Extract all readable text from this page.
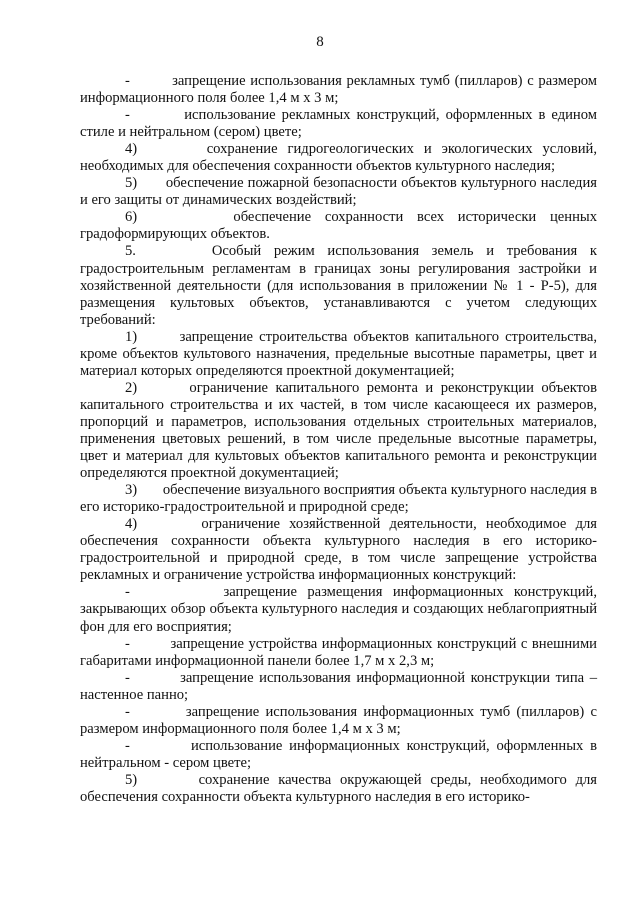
8

-         запрещение использования рекламных тумб (пилларов) с размером информационного поля более 1,4 м х 3 м;

-         использование рекламных конструкций, оформленных в едином стиле и нейтральном (сером) цвете;

4)       сохранение гидрогеологических и экологических условий, необходимых для обеспечения сохранности объектов культурного наследия;

5)       обеспечение пожарной безопасности объектов культурного наследия и его защиты от динамических воздействий;

6)       обеспечение сохранности всех исторически ценных градоформирующих объектов.

5.      Особый режим использования земель и требования к градостроительным регламентам в границах зоны регулирования застройки и хозяйственной деятельности (для использования в приложении № 1 - Р-5), для размещения культовых объектов, устанавливаются с учетом следующих требований:

1)       запрещение строительства объектов капитального строительства, кроме объектов культового назначения, предельные высотные параметры, цвет и материал которых определяются проектной документацией;

2)       ограничение капитального ремонта и реконструкции объектов капитального строительства и их частей, в том числе касающееся их размеров, пропорций и параметров, использования отдельных строительных материалов, применения цветовых решений, в том числе предельные высотные параметры, цвет и материал для культовых объектов капитального ремонта и реконструкции определяются проектной документацией;

3)       обеспечение визуального восприятия объекта культурного наследия в его историко-градостроительной и природной среде;

4)       ограничение хозяйственной деятельности, необходимое для обеспечения сохранности объекта культурного наследия в его историко-градостроительной и природной среде, в том числе запрещение устройства рекламных и ограничение устройства информационных конструкций:

-         запрещение размещения информационных конструкций, закрывающих обзор объекта культурного наследия и создающих неблагоприятный фон для его восприятия;

-         запрещение устройства информационных конструкций с внешними габаритами информационной панели более 1,7 м х 2,3 м;

-         запрещение использования информационной конструкции типа – настенное панно;

-         запрещение использования информационных тумб (пилларов) с размером информационного поля более 1,4 м х 3 м;

-         использование информационных конструкций, оформленных в нейтральном - сером цвете;

5)       сохранение качества окружающей среды, необходимого для обеспечения сохранности объекта культурного наследия в его историко-
